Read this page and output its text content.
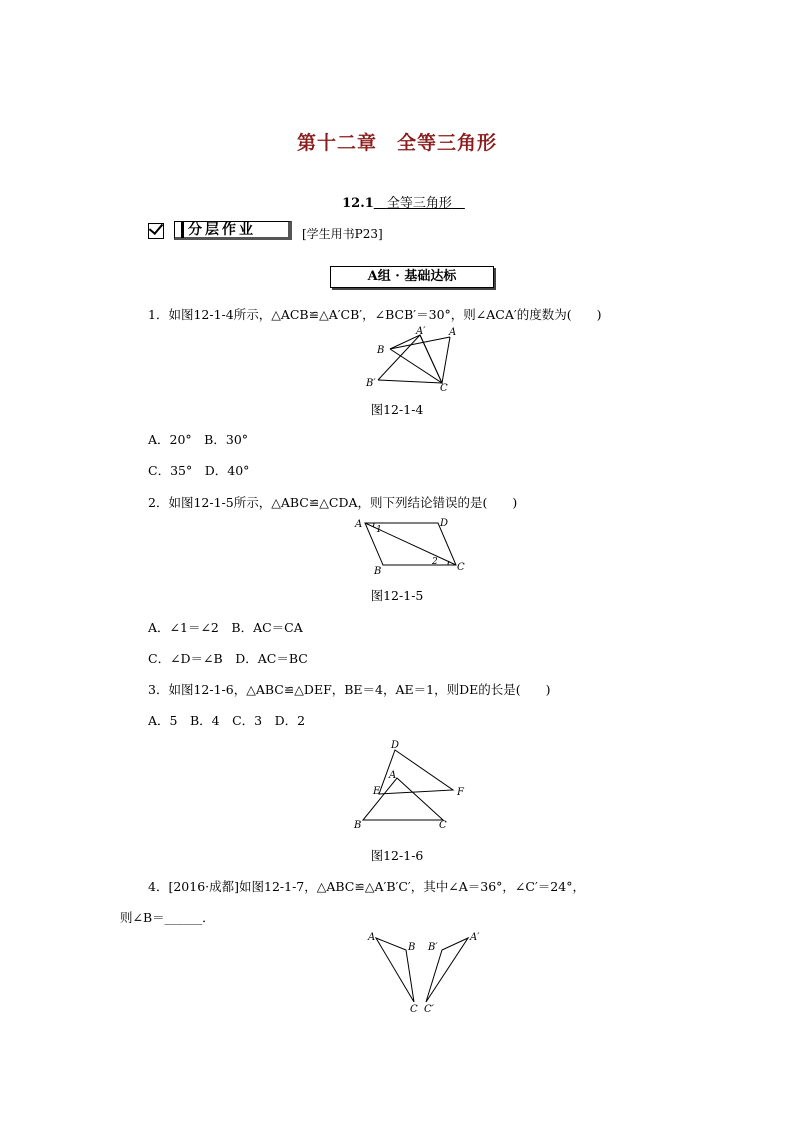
第十二章　全等三角形
12.1　 全等三角形　
分层作业	[学生用书P23]
A组 · 基础达标
1．如图12-1-4所示，△ACB≌△A′CB′，∠BCB′＝30°，则∠ACA′的度数为(　　)
A′ A
B
B′	C
图12-1-4
A．20°　B．30°
C．35°　D．40°
2．如图12-1-5所示，△ABC≌△CDA，则下列结论错误的是(　　)
A	D
B	C
1
2
图12-1-5
A．∠1＝∠2　B．AC＝CA
C．∠D＝∠B　D．AC＝BC
3．如图12-1-6，△ABC≌△DEF，BE＝4，AE＝1，则DE的长是(　　)
A．5　B．4　C．3　D．2
D
A
E	F
B	C
图12-1-6
4．[2016·成都]如图12-1-7，△ABC≌△A′B′C′，其中∠A＝36°，∠C′＝24°，
则∠B＝______．
A
B B′
A′
C C′
